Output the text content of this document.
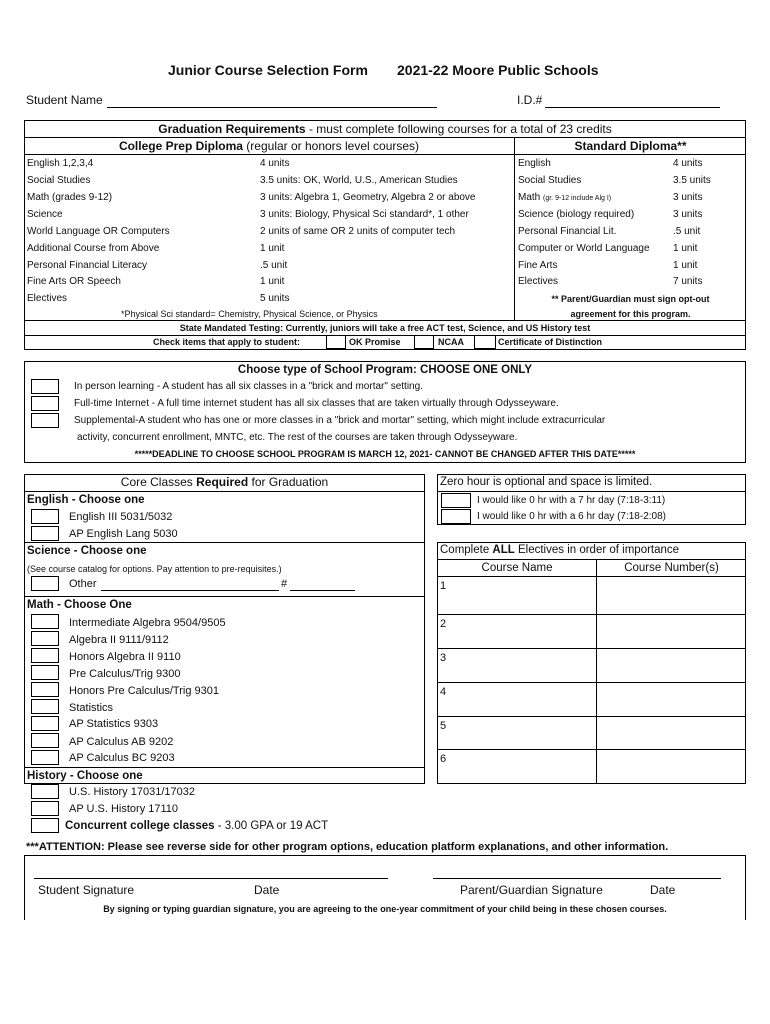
Junior Course Selection Form 2021-22 Moore Public Schools
Student Name	I.D.#
Graduation Requirements - must complete following courses for a total of 23 credits
College Prep Diploma (regular or honors level courses)	Standard Diploma**
English 1,2,3,4	4 units
Social Studies	3.5 units: OK, World, U.S., American Studies
Math (grades 9-12)	3 units: Algebra 1, Geometry, Algebra 2 or above
Science	3 units: Biology, Physical Sci standard*, 1 other
World Language OR Computers	2 units of same OR 2 units of computer tech
Additional Course from Above	1 unit
Personal Financial Literacy	.5 unit
Fine Arts OR Speech	1 unit
Electives	5 units
*Physical Sci standard= Chemistry, Physical Science, or Physics
English	4 units
Social Studies	3.5 units
Math (gr. 9-12 include Alg I)	3 units
Science (biology required)	3 units
Personal Financial Lit.	.5 unit
Computer or World Language 1 unit
Fine Arts	1 unit
Electives	7 units
** Parent/Guardian must sign opt-out
agreement for this program.
State Mandated Testing: Currently, juniors will take a free ACT test, Science, and US History test
Check items that apply to student:	OK Promise	NCAA	Certificate of Distinction
Choose type of School Program: CHOOSE ONE ONLY
In person learning - A student has all six classes in a "brick and mortar" setting.
Full-time Internet - A full time internet student has all six classes that are taken virtually through Odysseyware.
Supplemental-A student who has one or more classes in a "brick and mortar" setting, which might include extracurricular
activity, concurrent enrollment, MNTC, etc. The rest of the courses are taken through Odysseyware.
*****DEADLINE TO CHOOSE SCHOOL PROGRAM IS MARCH 12, 2021- CANNOT BE CHANGED AFTER THIS DATE*****
Core Classes Required for Graduation
English - Choose one
English III 5031/5032
AP English Lang 5030
Science - Choose one
(See course catalog for options. Pay attention to pre-requisites.)
Other	#
Math - Choose One
Intermediate Algebra 9504/9505
Algebra II 9111/9112
Honors Algebra II 9110
Pre Calculus/Trig 9300
Honors Pre Calculus/Trig 9301
Statistics
AP Statistics 9303
AP Calculus AB 9202
AP Calculus BC 9203
History - Choose one
U.S. History 17031/17032
AP U.S. History 17110
Concurrent college classes - 3.00 GPA or 19 ACT
Zero hour is optional and space is limited.
I would like 0 hr with a 7 hr day (7:18-3:11)
I would like 0 hr with a 6 hr day (7:18-2:08)
Complete ALL Electives in order of importance
Course Name	Course Number(s)
1
2
3
4
5
6
***ATTENTION: Please see reverse side for other program options, education platform explanations, and other information.
Student Signature	Date	Parent/Guardian Signature	Date
By signing or typing guardian signature, you are agreeing to the one-year commitment of your child being in these chosen courses.
